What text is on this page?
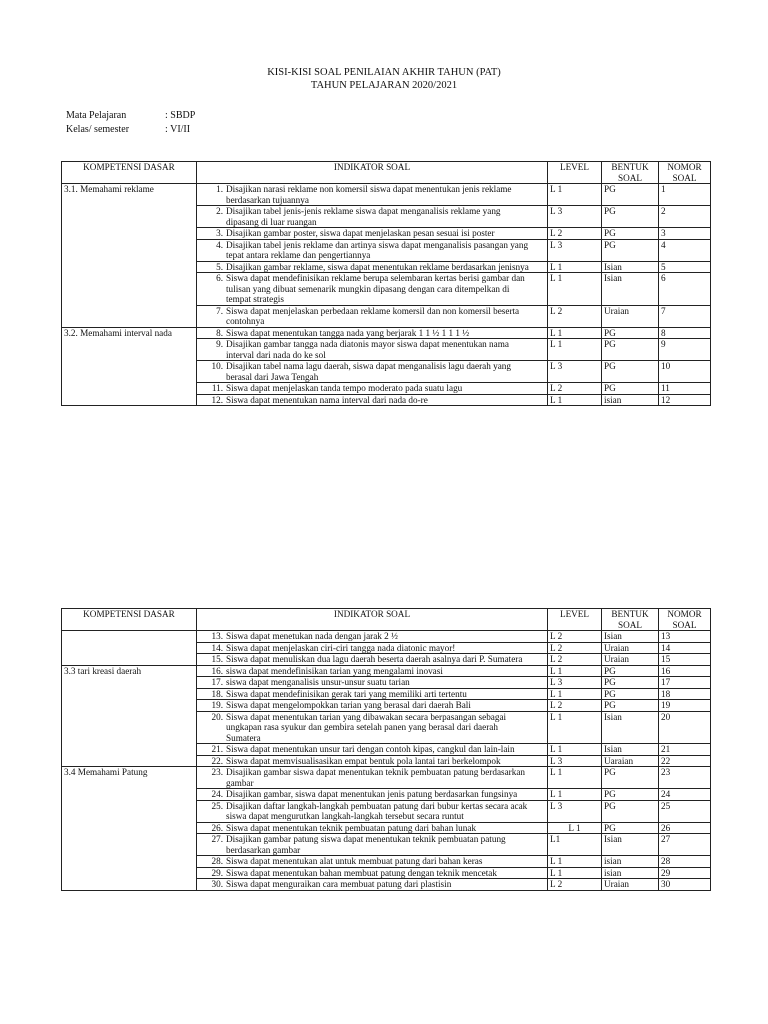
KISI-KISI SOAL PENILAIAN AKHIR TAHUN (PAT)
TAHUN PELAJARAN 2020/2021
Mata Pelajaran	: SBDP
Kelas/ semester	: VI/II
KOMPETENSI DASAR	INDIKATOR SOAL	LEVEL	BENTUK SOAL	NOMOR SOAL
3.1. Memahami reklame	1. Disajikan narasi reklame non komersil siswa dapat menentukan jenis reklame berdasarkan tujuannya	L 1	PG	1
	2. Disajikan tabel jenis-jenis reklame siswa dapat menganalisis reklame yang dipasang di luar ruangan	L 3	PG	2
	3. Disajikan gambar poster, siswa dapat menjelaskan pesan sesuai isi poster	L 2	PG	3
	4. Disajikan tabel jenis reklame dan artinya siswa dapat menganalisis pasangan yang tepat antara reklame dan pengertiannya	L 3	PG	4
	5. Disajikan gambar reklame, siswa dapat menentukan reklame berdasarkan jenisnya	L 1	Isian	5
	6. Siswa dapat mendefinisikan reklame berupa selembaran kertas berisi gambar dan tulisan yang dibuat semenarik mungkin dipasang dengan cara ditempelkan di tempat strategis	L 1	Isian	6
	7. Siswa dapat menjelaskan perbedaan reklame komersil dan non komersil beserta contohnya	L 2	Uraian	7
3.2. Memahami interval nada	8. Siswa dapat menentukan tangga nada yang berjarak 1 1 ½ 1 1 1 ½	L 1	PG	8
	9. Disajikan gambar tangga nada diatonis mayor siswa dapat menentukan nama interval dari nada do ke sol	L 1	PG	9
	10. Disajikan tabel nama lagu daerah, siswa dapat menganalisis lagu daerah yang berasal dari Jawa Tengah	L 3	PG	10
	11. Siswa dapat menjelaskan tanda tempo moderato pada suatu lagu	L 2	PG	11
	12. Siswa dapat menentukan nama interval dari nada do-re	L 1	isian	12
KOMPETENSI DASAR	INDIKATOR SOAL	LEVEL	BENTUK SOAL	NOMOR SOAL
	13. Siswa dapat menetukan nada dengan jarak 2 ½	L 2	Isian	13
	14. Siswa dapat menjelaskan ciri-ciri tangga nada diatonic mayor!	L 2	Uraian	14
	15. Siswa dapat menuliskan dua lagu daerah beserta daerah asalnya dari P. Sumatera	L 2	Uraian	15
3.3 tari kreasi daerah	16. siswa dapat mendefinisikan tarian yang mengalami inovasi	L 1	PG	16
	17. siswa dapat menganalisis unsur-unsur suatu tarian	L 3	PG	17
	18. Siswa dapat mendefinisikan gerak tari yang memiliki arti tertentu	L 1	PG	18
	19. Siswa dapat mengelompokkan tarian yang berasal dari daerah Bali	L 2	PG	19
	20. Siswa dapat menentukan tarian yang dibawakan secara berpasangan sebagai ungkapan rasa syukur dan gembira setelah panen yang berasal dari daerah Sumatera	L 1	Isian	20
	21. Siswa dapat menentukan unsur tari dengan contoh kipas, cangkul dan lain-lain	L 1	Isian	21
	22. Siswa dapat memvisualisasikan empat bentuk pola lantai tari berkelompok	L 3	Uaraian	22
3.4 Memahami Patung	23. Disajikan gambar siswa dapat menentukan teknik pembuatan patung berdasarkan gambar	L 1	PG	23
	24. Disajikan gambar, siswa dapat menentukan jenis patung berdasarkan fungsinya	L 1	PG	24
	25. Disajikan daftar langkah-langkah pembuatan patung dari bubur kertas secara acak siswa dapat mengurutkan langkah-langkah tersebut secara runtut	L 3	PG	25
	26. Siswa dapat menentukan teknik pembuatan patung dari bahan lunak	L 1	PG	26
	27. Disajikan gambar patung siswa dapat menentukan teknik pembuatan patung berdasarkan gambar	L1	Isian	27
	28. Siswa dapat menentukan alat untuk membuat patung dari bahan keras	L 1	isian	28
	29. Siswa dapat menentukan bahan membuat patung dengan teknik mencetak	L 1	isian	29
	30. Siswa dapat menguraikan cara membuat patung dari plastisin	L 2	Uraian	30
